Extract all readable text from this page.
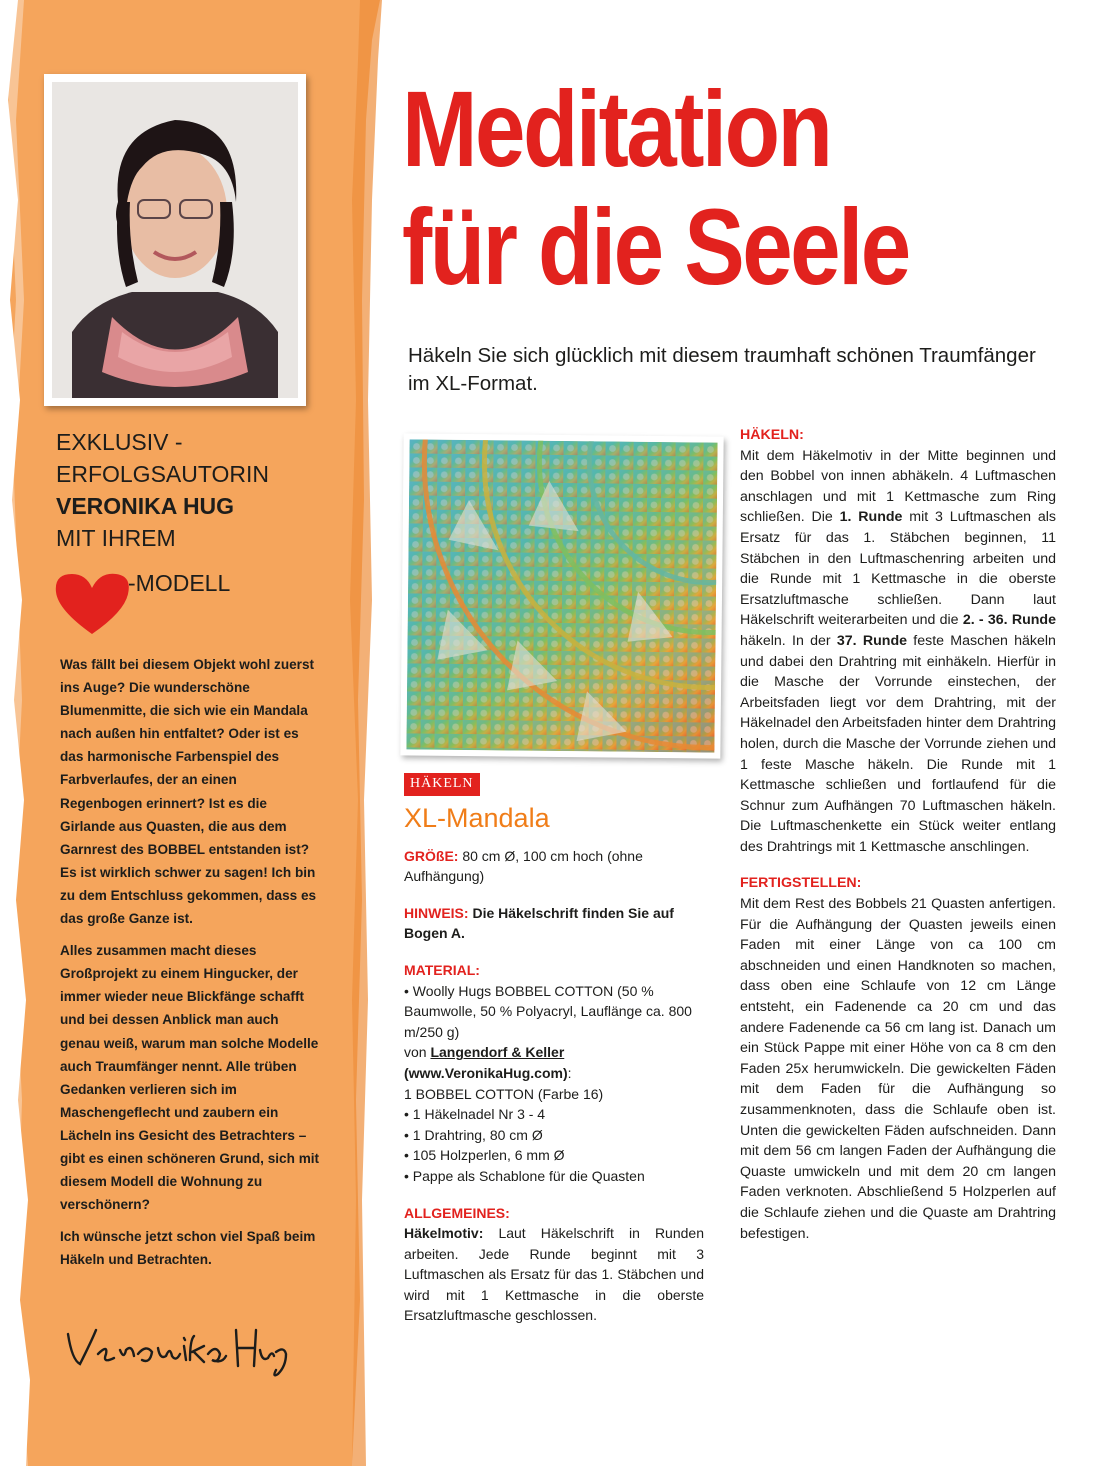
EXKLUSIV -
ERFOLGSAUTORIN
VERONIKA HUG
MIT IHREM
-MODELL

Was fällt bei diesem Objekt wohl zuerst ins Auge? Die wunderschöne Blumenmitte, die sich wie ein Mandala nach außen hin entfaltet? Oder ist es das harmonische Farbenspiel des Farbverlaufes, der an einen Regenbogen erinnert? Ist es die Girlande aus Quasten, die aus dem Garnrest des BOBBEL entstanden ist? Es ist wirklich schwer zu sagen! Ich bin zu dem Entschluss gekommen, dass es das große Ganze ist.

Alles zusammen macht dieses Großprojekt zu einem Hingucker, der immer wieder neue Blickfänge schafft und bei dessen Anblick man auch genau weiß, warum man solche Modelle auch Traumfänger nennt. Alle trüben Gedanken verlieren sich im Maschengeflecht und zaubern ein Lächeln ins Gesicht des Betrachters – gibt es einen schöneren Grund, sich mit diesem Modell die Wohnung zu verschönern?

Ich wünsche jetzt schon viel Spaß beim Häkeln und Betrachten.

Meditation
für die Seele
Häkeln Sie sich glücklich mit diesem traumhaft schönen Traumfänger im XL-Format.
HÄKELN
XL-Mandala
GRÖßE: 80 cm Ø, 100 cm hoch (ohne Aufhängung)
HINWEIS: Die Häkelschrift finden Sie auf Bogen A.
MATERIAL:
• Woolly Hugs BOBBEL COTTON (50 % Baumwolle, 50 % Polyacryl, Lauflänge ca. 800 m/250 g)
von Langendorf & Keller
(www.VeronikaHug.com):
1 BOBBEL COTTON (Farbe 16)
• 1 Häkelnadel Nr 3 - 4
• 1 Drahtring, 80 cm Ø
• 105 Holzperlen, 6 mm Ø
• Pappe als Schablone für die Quasten
ALLGEMEINES:
Häkelmotiv: Laut Häkelschrift in Runden arbeiten. Jede Runde beginnt mit 3 Luftmaschen als Ersatz für das 1. Stäbchen und wird mit 1 Kettmasche in die oberste Ersatzluftmasche geschlossen.
HÄKELN:

Mit dem Häkelmotiv in der Mitte beginnen und den Bobbel von innen abhäkeln. 4 Luftmaschen anschlagen und mit 1 Kettmasche zum Ring schließen. Die 1. Runde mit 3 Luftmaschen als Ersatz für das 1. Stäbchen beginnen, 11 Stäbchen in den Luftmaschenring arbeiten und die Runde mit 1 Kettmasche in die oberste Ersatzluftmasche schließen. Dann laut Häkelschrift weiterarbeiten und die 2. - 36. Runde häkeln. In der 37. Runde feste Maschen häkeln und dabei den Drahtring mit einhäkeln. Hierfür in die Masche der Vorrunde einstechen, der Arbeitsfaden liegt vor dem Drahtring, mit der Häkelnadel den Arbeitsfaden hinter dem Drahtring holen, durch die Masche der Vorrunde ziehen und 1 feste Masche häkeln. Die Runde mit 1 Kettmasche schließen und fortlaufend für die Schnur zum Aufhängen 70 Luftmaschen häkeln. Die Luftmaschenkette ein Stück weiter entlang des Drahtrings mit 1 Kettmasche anschlingen.

FERTIGSTELLEN:

Mit dem Rest des Bobbels 21 Quasten anfertigen. Für die Aufhängung der Quasten jeweils einen Faden mit einer Länge von ca 100 cm abschneiden und einen Handknoten so machen, dass oben eine Schlaufe von 12 cm Länge entsteht, ein Fadenende ca 20 cm und das andere Fadenende ca 56 cm lang ist. Danach um ein Stück Pappe mit einer Höhe von ca 8 cm den Faden 25x herumwickeln. Die gewickelten Fäden mit dem Faden für die Aufhängung so zusammenknoten, dass die Schlaufe oben ist. Unten die gewickelten Fäden aufschneiden. Dann mit dem 56 cm langen Faden der Aufhängung die Quaste umwickeln und mit dem 20 cm langen Faden verknoten. Abschließend 5 Holzperlen auf die Schlaufe ziehen und die Quaste am Drahtring befestigen.
